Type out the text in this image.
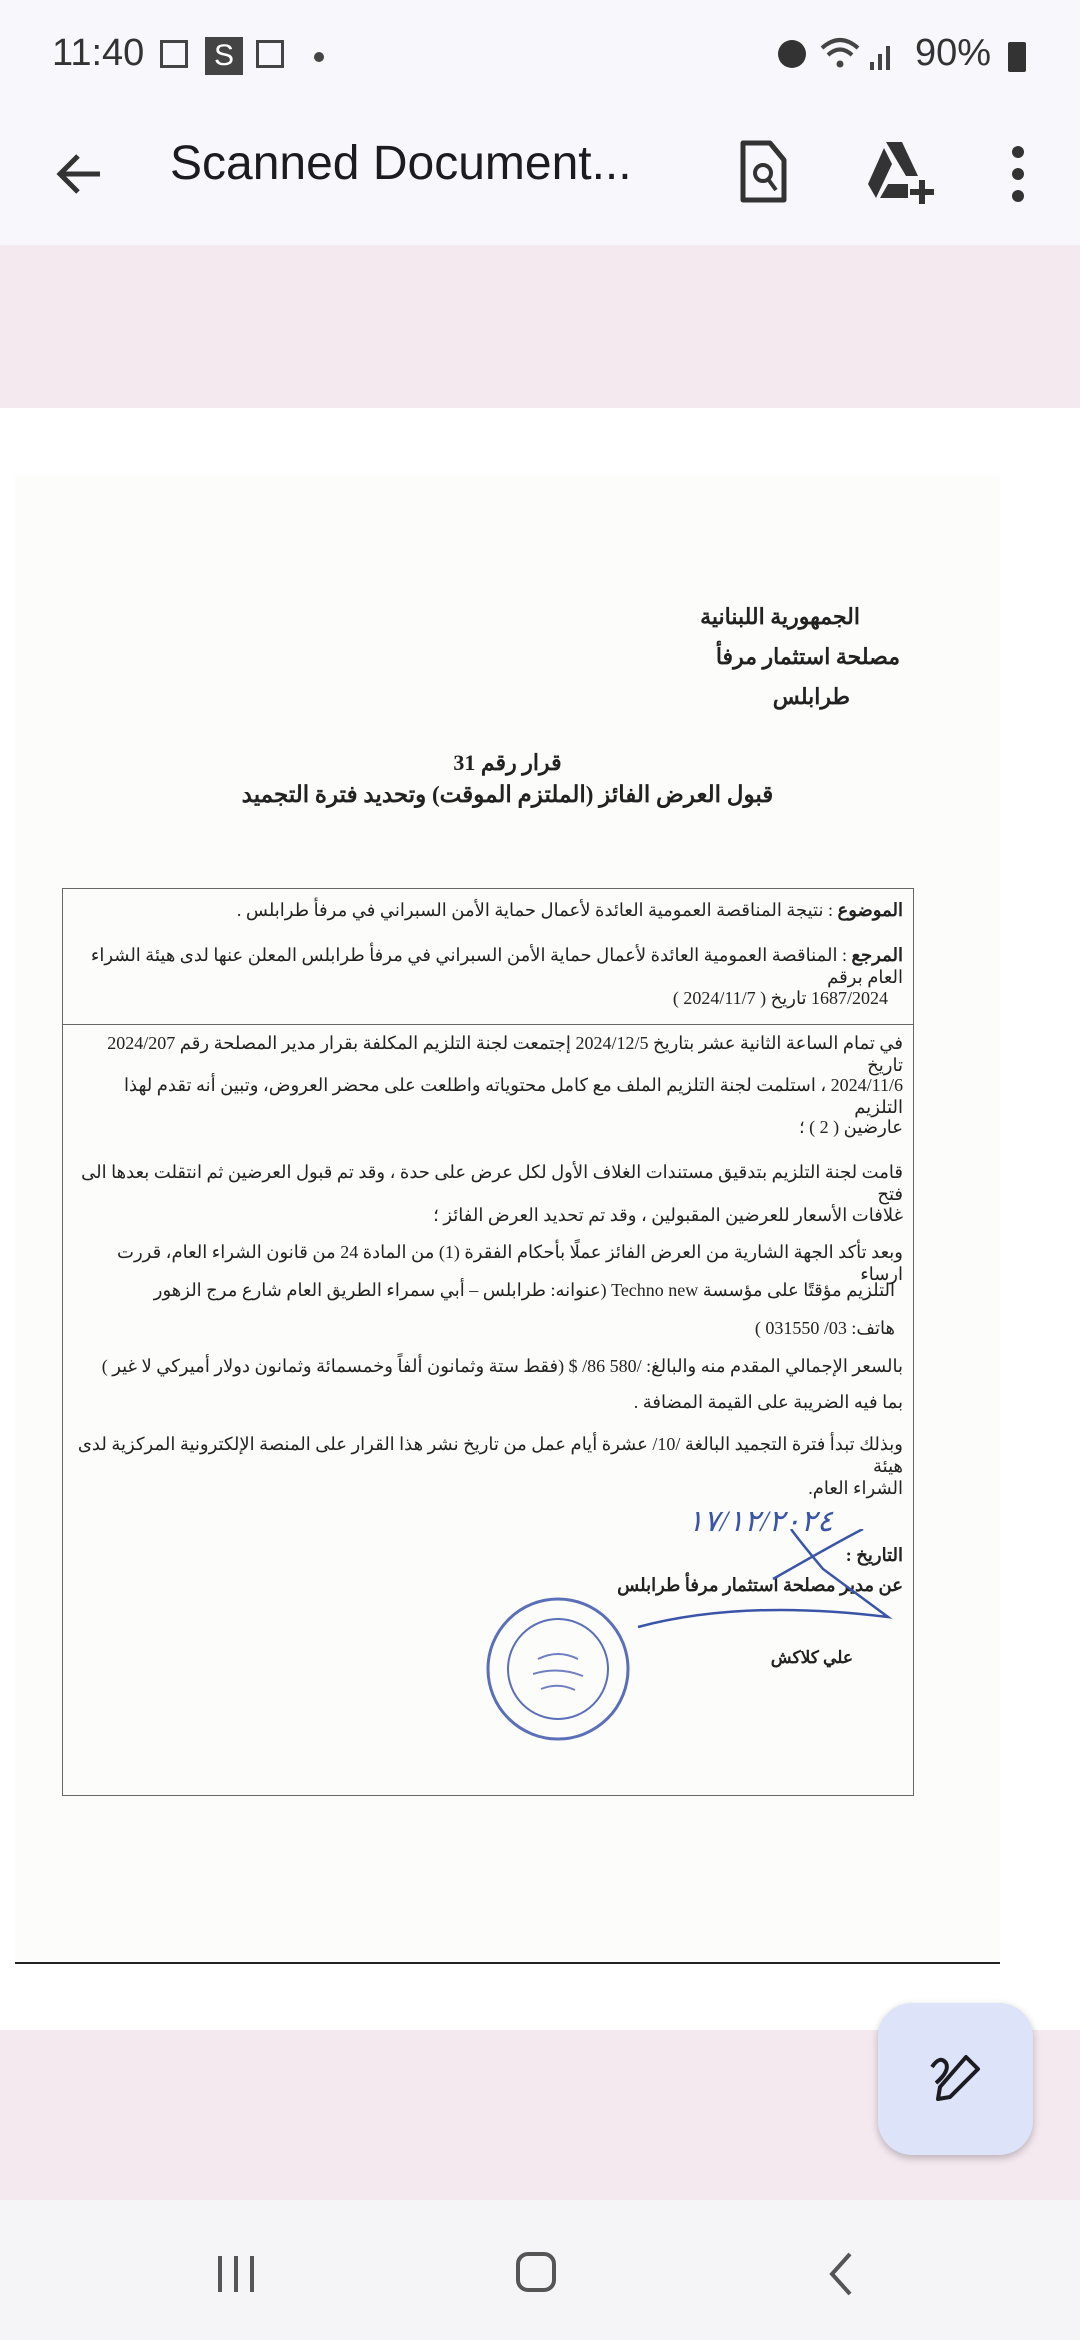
11:40 S	90%
Scanned Document...
الجمهورية اللبنانية
مصلحة استثمار مرفأ
طرابلس
قرار رقم 31
قبول العرض الفائز (الملتزم الموقت) وتحديد فترة التجميد
الموضوع : نتيجة المناقصة العمومية العائدة لأعمال حماية الأمن السبراني في مرفأ طرابلس .
المرجع : المناقصة العمومية العائدة لأعمال حماية الأمن السبراني في مرفأ طرابلس المعلن عنها لدى هيئة الشراء العام برقم
1687/2024 تاريخ ( 2024/11/7 )
في تمام الساعة الثانية عشر بتاريخ 2024/12/5 إجتمعت لجنة التلزيم المكلفة بقرار مدير المصلحة رقم 2024/207 تاريخ
2024/11/6 ، استلمت لجنة التلزيم الملف مع كامل محتوياته واطلعت على محضر العروض، وتبين أنه تقدم لهذا التلزيم
عارضين ( 2 ) ؛
قامت لجنة التلزيم بتدقيق مستندات الغلاف الأول لكل عرض على حدة ، وقد تم قبول العرضين ثم انتقلت بعدها الى فتح
غلافات الأسعار للعرضين المقبولين ، وقد تم تحديد العرض الفائز ؛
وبعد تأكد الجهة الشارية من العرض الفائز عملًا بأحكام الفقرة (1) من المادة 24 من قانون الشراء العام، قررت ارساء
التلزيم مؤقتًا على مؤسسة Techno new (عنوانه: طرابلس – أبي سمراء الطريق العام شارع مرج الزهور
هاتف: 03/ 031550 )
بالسعر الإجمالي المقدم منه والبالغ: /580 86/ $ (فقط ستة وثمانون ألفاً وخمسمائة وثمانون دولار أميركي لا غير )
بما فيه الضريبة على القيمة المضافة .
وبذلك تبدأ فترة التجميد البالغة /10/ عشرة أيام عمل من تاريخ نشر هذا القرار على المنصة الإلكترونية المركزية لدى هيئة
الشراء العام.
١٧/١٢/٢٠٢٤
التاريخ :
عن مدير مصلحة استثمار مرفأ طرابلس
علي كلاكش
